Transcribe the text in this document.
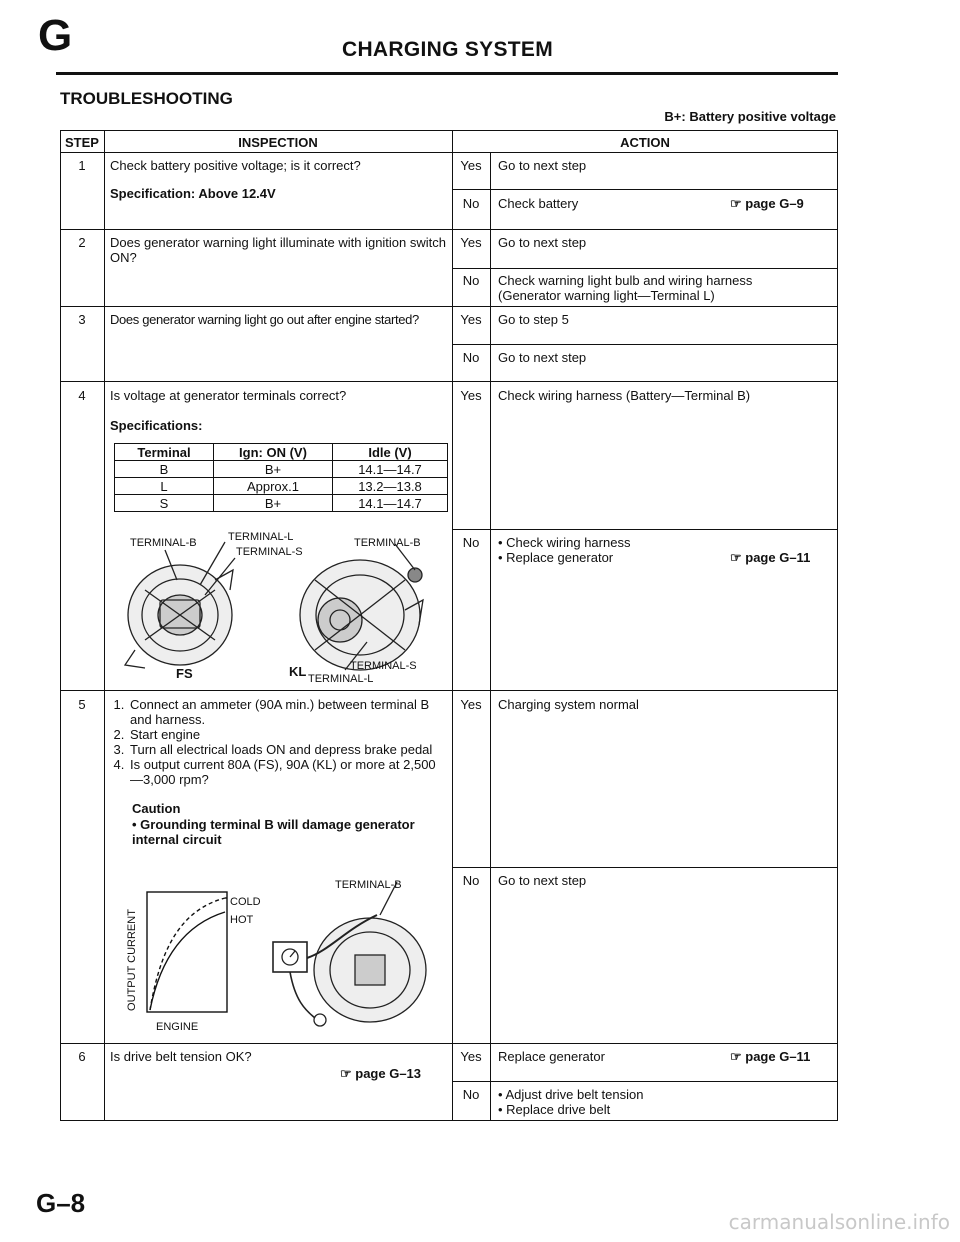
G	CHARGING SYSTEM
TROUBLESHOOTING
B+: Battery positive voltage
STEP	INSPECTION	ACTION
1	Check battery positive voltage; is it correct?
Specification: Above 12.4V
Yes	Go to next step
No	Check battery	☞ page G–9
2	Does generator warning light illuminate with ignition switch ON?
Yes	Go to next step
No	Check warning light bulb and wiring harness
(Generator warning light—Terminal L)
3	Does generator warning light go out after engine started?	Yes	Go to step 5
No	Go to next step
4	Is voltage at generator terminals correct?
Specifications:
Terminal	Ign: ON (V)	Idle (V)
B	B+	14.1—14.7
L	Approx.1	13.2—13.8
S	B+	14.1—14.7
TERMINAL-B	TERMINAL-L
TERMINAL-S
TERMINAL-B
FS	KL	TERMINAL-S
TERMINAL-L
Yes	Check wiring harness (Battery—Terminal B)
No	• Check wiring harness
• Replace generator	☞ page G–11
5	1. Connect an ammeter (90A min.) between terminal B and harness.
2. Start engine
3. Turn all electrical loads ON and depress brake pedal
4. Is output current 80A (FS), 90A (KL) or more at 2,500—3,000 rpm?
Caution
• Grounding terminal B will damage generator internal circuit
TERMINAL-B
COLD
HOT
OUTPUT CURRENT
ENGINE
Yes	Charging system normal
No	Go to next step
6	Is drive belt tension OK?
☞ page G–13
Yes	Replace generator	☞ page G–11
No	• Adjust drive belt tension
• Replace drive belt
G–8
carmanualsonline.info
